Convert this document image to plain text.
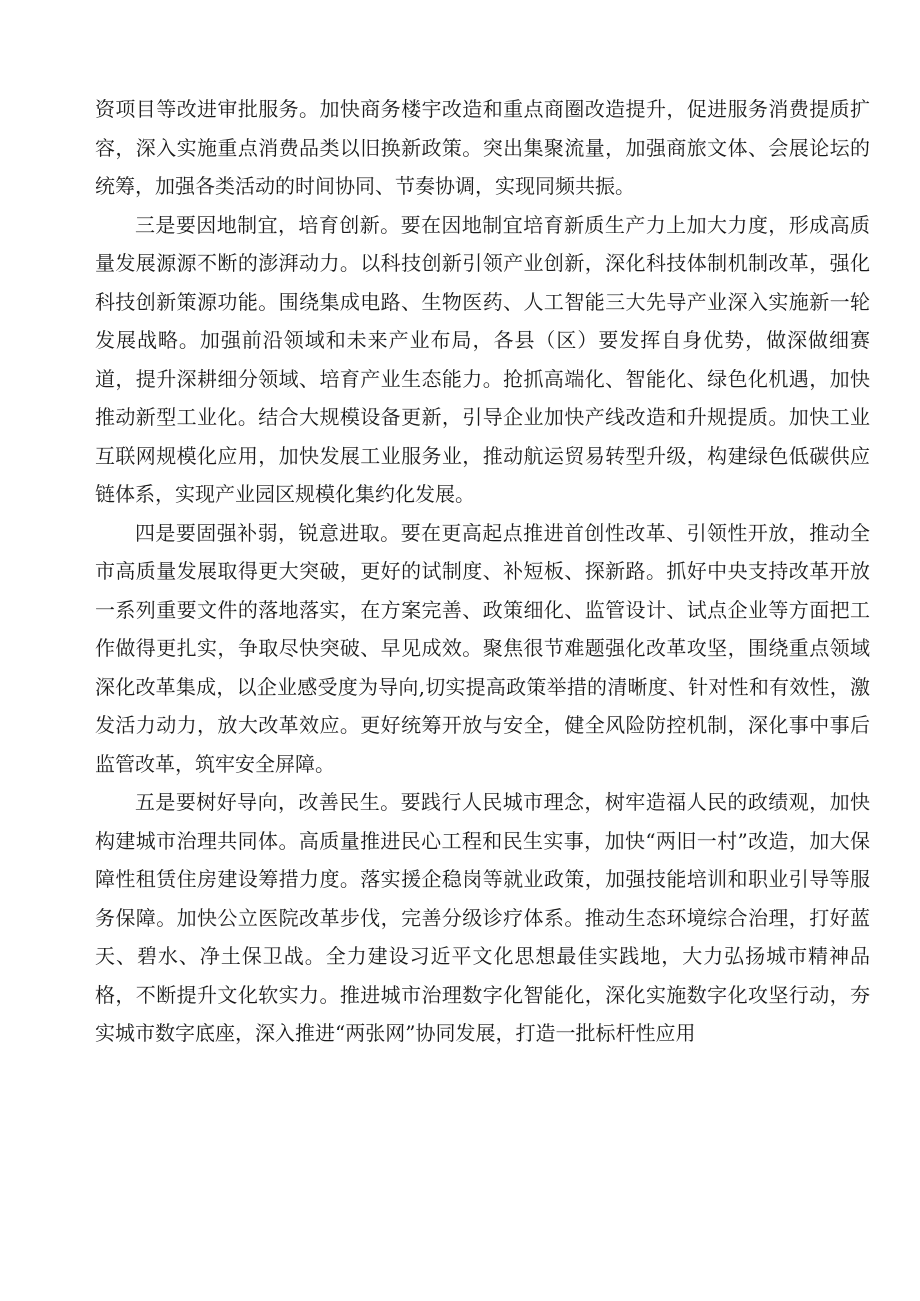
资项目等改进审批服务。加快商务楼宇改造和重点商圈改造提升，促进服务消费提质扩容，深入实施重点消费品类以旧换新政策。突出集聚流量，加强商旅文体、会展论坛的统筹，加强各类活动的时间协同、节奏协调，实现同频共振。

三是要因地制宜，培育创新。要在因地制宜培育新质生产力上加大力度，形成高质量发展源源不断的澎湃动力。以科技创新引领产业创新，深化科技体制机制改革，强化科技创新策源功能。围绕集成电路、生物医药、人工智能三大先导产业深入实施新一轮发展战略。加强前沿领域和未来产业布局，各县（区）要发挥自身优势，做深做细赛道，提升深耕细分领域、培育产业生态能力。抢抓高端化、智能化、绿色化机遇，加快推动新型工业化。结合大规模设备更新，引导企业加快产线改造和升规提质。加快工业互联网规模化应用，加快发展工业服务业，推动航运贸易转型升级，构建绿色低碳供应链体系，实现产业园区规模化集约化发展。

四是要固强补弱，锐意进取。要在更高起点推进首创性改革、引领性开放，推动全市高质量发展取得更大突破，更好的试制度、补短板、探新路。抓好中央支持改革开放一系列重要文件的落地落实，在方案完善、政策细化、监管设计、试点企业等方面把工作做得更扎实，争取尽快突破、早见成效。聚焦很节难题强化改革攻坚，围绕重点领域深化改革集成，以企业感受度为导向,切实提高政策举措的清晰度、针对性和有效性，激发活力动力，放大改革效应。更好统筹开放与安全，健全风险防控机制，深化事中事后监管改革，筑牢安全屏障。

五是要树好导向，改善民生。要践行人民城市理念，树牢造福人民的政绩观，加快构建城市治理共同体。高质量推进民心工程和民生实事，加快“两旧一村”改造，加大保障性租赁住房建设筹措力度。落实援企稳岗等就业政策，加强技能培训和职业引导等服务保障。加快公立医院改革步伐，完善分级诊疗体系。推动生态环境综合治理，打好蓝天、碧水、净土保卫战。全力建设习近平文化思想最佳实践地，大力弘扬城市精神品格，不断提升文化软实力。推进城市治理数字化智能化，深化实施数字化攻坚行动，夯实城市数字底座，深入推进“两张网”协同发展，打造一批标杆性应用
